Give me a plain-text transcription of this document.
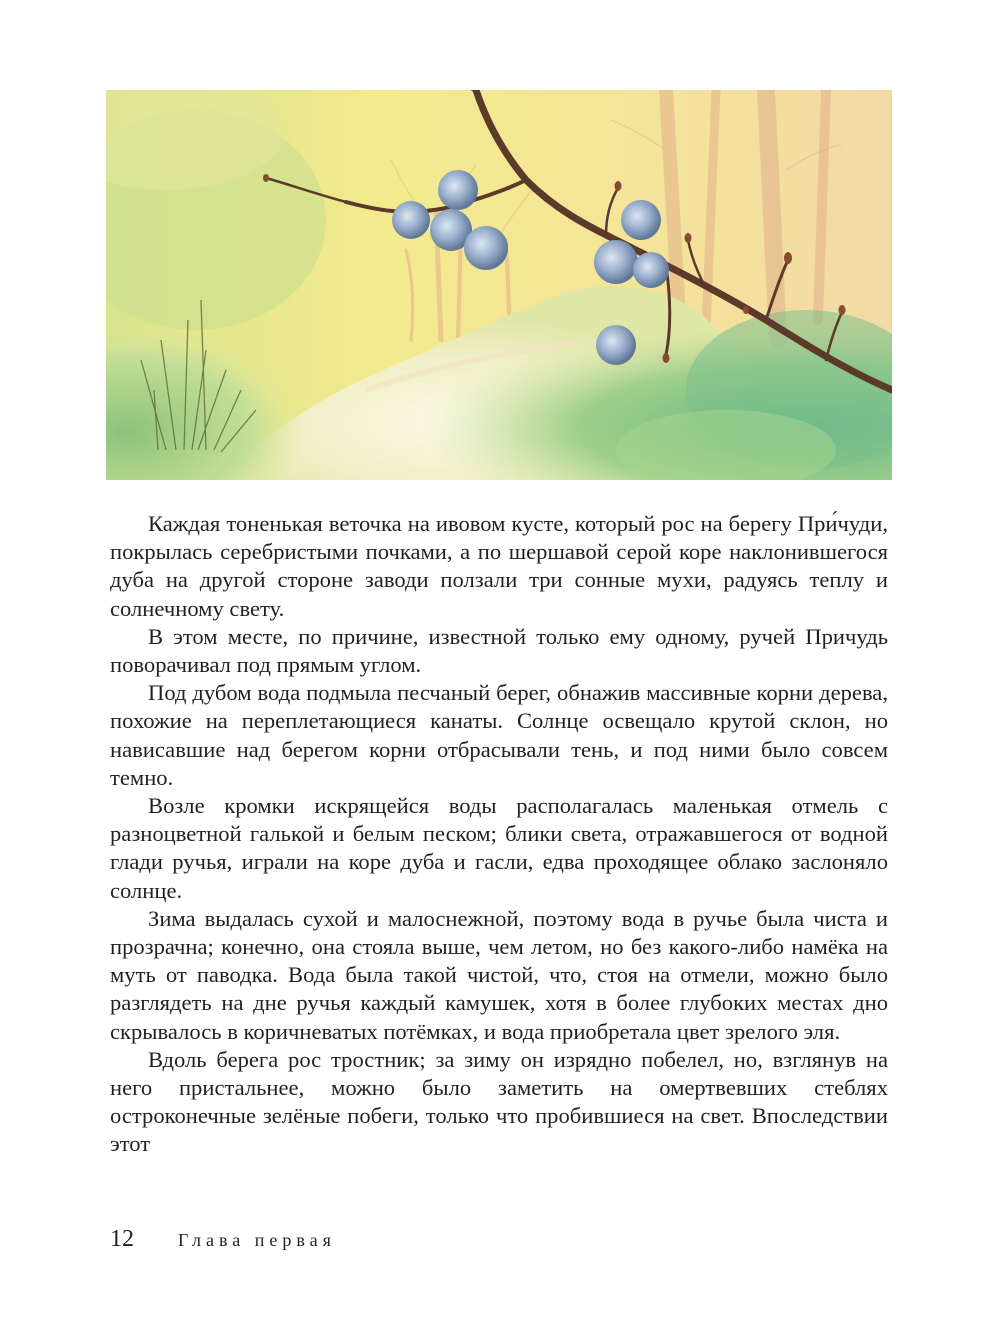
Каждая тоненькая веточка на ивовом кусте, который рос на берегу При́чуди, покрылась серебристыми почками, а по шершавой серой коре наклонившегося дуба на другой стороне заводи ползали три сонные мухи, радуясь теплу и солнечному свету.

В этом месте, по причине, известной только ему одному, ручей Причудь поворачивал под прямым углом.

Под дубом вода подмыла песчаный берег, обнажив массивные корни дерева, похожие на переплетающиеся канаты. Солнце освещало крутой склон, но нависавшие над берегом корни отбрасывали тень, и под ними было совсем темно.

Возле кромки искрящейся воды располагалась маленькая отмель с разноцветной галькой и белым песком; блики света, отражавшегося от водной глади ручья, играли на коре дуба и гасли, едва проходящее облако заслоняло солнце.

Зима выдалась сухой и малоснежной, поэтому вода в ручье была чиста и прозрачна; конечно, она стояла выше, чем летом, но без какого-либо намёка на муть от паводка. Вода была такой чистой, что, стоя на отмели, можно было разглядеть на дне ручья каждый камушек, хотя в более глубоких местах дно скрывалось в коричневатых потёмках, и вода приобретала цвет зрелого эля.

Вдоль берега рос тростник; за зиму он изрядно побелел, но, взглянув на него пристальнее, можно было заметить на омертвевших стеблях остроконечные зелёные побеги, только что пробившиеся на свет. Впоследствии этот

12 Глава первая
